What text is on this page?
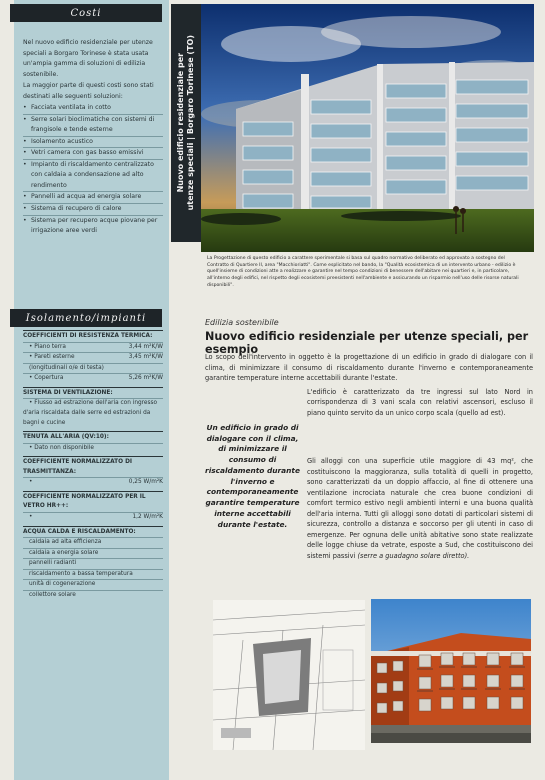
Costi

Nel nuovo edificio residenziale per utenze speciali a Borgaro Torinese è stata usata un'ampia gamma di soluzioni di edilizia sostenibile.

La maggior parte di questi costi sono stati destinati alle seguenti soluzioni:

• Facciata ventilata in cotto
• Serre solari bioclimatiche con sistemi di frangisole e tende esterne
• Isolamento acustico
• Vetri camera con gas basso emissivi
• Impianto di riscaldamento centralizzato con caldaia a condensazione ad alto rendimento
• Pannelli ad acqua ad energia solare
• Sistema di recupero di calore
• Sistema per recupero acque piovane per irrigazione aree verdi
Isolamento/impianti
COEFFICIENTI DI RESISTENZA TERMICA:
• Piano terra	3,44 m²K/W
• Pareti esterne	3,45 m²K/W
(longitudinali o/e di testa)
• Copertura	5,26 m²K/W
SISTEMA DI VENTILAZIONE:
• Flusso ad estrazione dell'aria con ingresso d'aria riscaldata dalle serre ed estrazioni da bagni e cucine
TENUTA ALL'ARIA (QV:10):
• Dato non disponibile
COEFFICIENTE NORMALIZZATO DI TRASMITTANZA:
•	0,25 W/m²K
COEFFICIENTE NORMALIZZATO PER IL VETRO HR++:
•	1,2 W/m²K
ACQUA CALDA E RISCALDAMENTO:
caldaia ad alta efficienza
caldaia a energia solare
pannelli radianti
riscaldamento a bassa temperatura
unità di cogenerazione
collettore solare
Nuovo edificio residenziale per utenze speciali | Borgaro Torinese (TO)
La Progettazione di questo edificio a carattere sperimentale si basa sul quadro normativo deliberato ed approvato a sostegno del Contratto di Quartiere II, area "Macchioriatti". Come esplicitato nel bando, la "Qualità ecosistemica di un intervento urbano - edilizio è quell'insieme di condizioni atte a realizzare e garantire nel tempo condizioni di benessere dell'abitare nei quartieri e, in particolare, all'interno degli edifici, nel rispetto degli ecosistemi preesistenti nell'ambiente e assicurando un risparmio nell'uso delle risorse naturali disponibili".
Edilizia sostenibile
Nuovo edificio residenziale per utenze speciali, per esempio

Lo scopo dell'intervento in oggetto è la progettazione di un edificio in grado di dialogare con il clima, di minimizzare il consumo di riscaldamento durante l'inverno e contemporaneamente garantire temperature interne accettabili durante l'estate.

L'edificio è caratterizzato da tre ingressi sul lato Nord in corrispondenza di 3 vani scala con relativi ascensori, escluso il piano quinto servito da un unico corpo scala (quello ad est).

Un edificio in grado di dialogare con il clima, di minimizzare il consumo di riscaldamento durante l'inverno e contemporaneamente garantire temperature interne accettabili durante l'estate.
Gli alloggi con una superficie utile maggiore di 43 mq², che costituiscono la maggioranza, sulla totalità di quelli in progetto, sono caratterizzati da un doppio affaccio, al fine di ottenere una ventilazione incrociata naturale che crea buone condizioni di comfort termico estivo negli ambienti interni e una buona qualità dell'aria interna. Tutti gli alloggi sono dotati di particolari sistemi di sicurezza, controllo a distanza e soccorso per gli utenti in caso di emergenze. Per ognuna delle unità abitative sono state realizzate delle logge chiuse da vetrate, esposte a Sud, che costituiscono dei sistemi passivi (serre a guadagno solare diretto).
